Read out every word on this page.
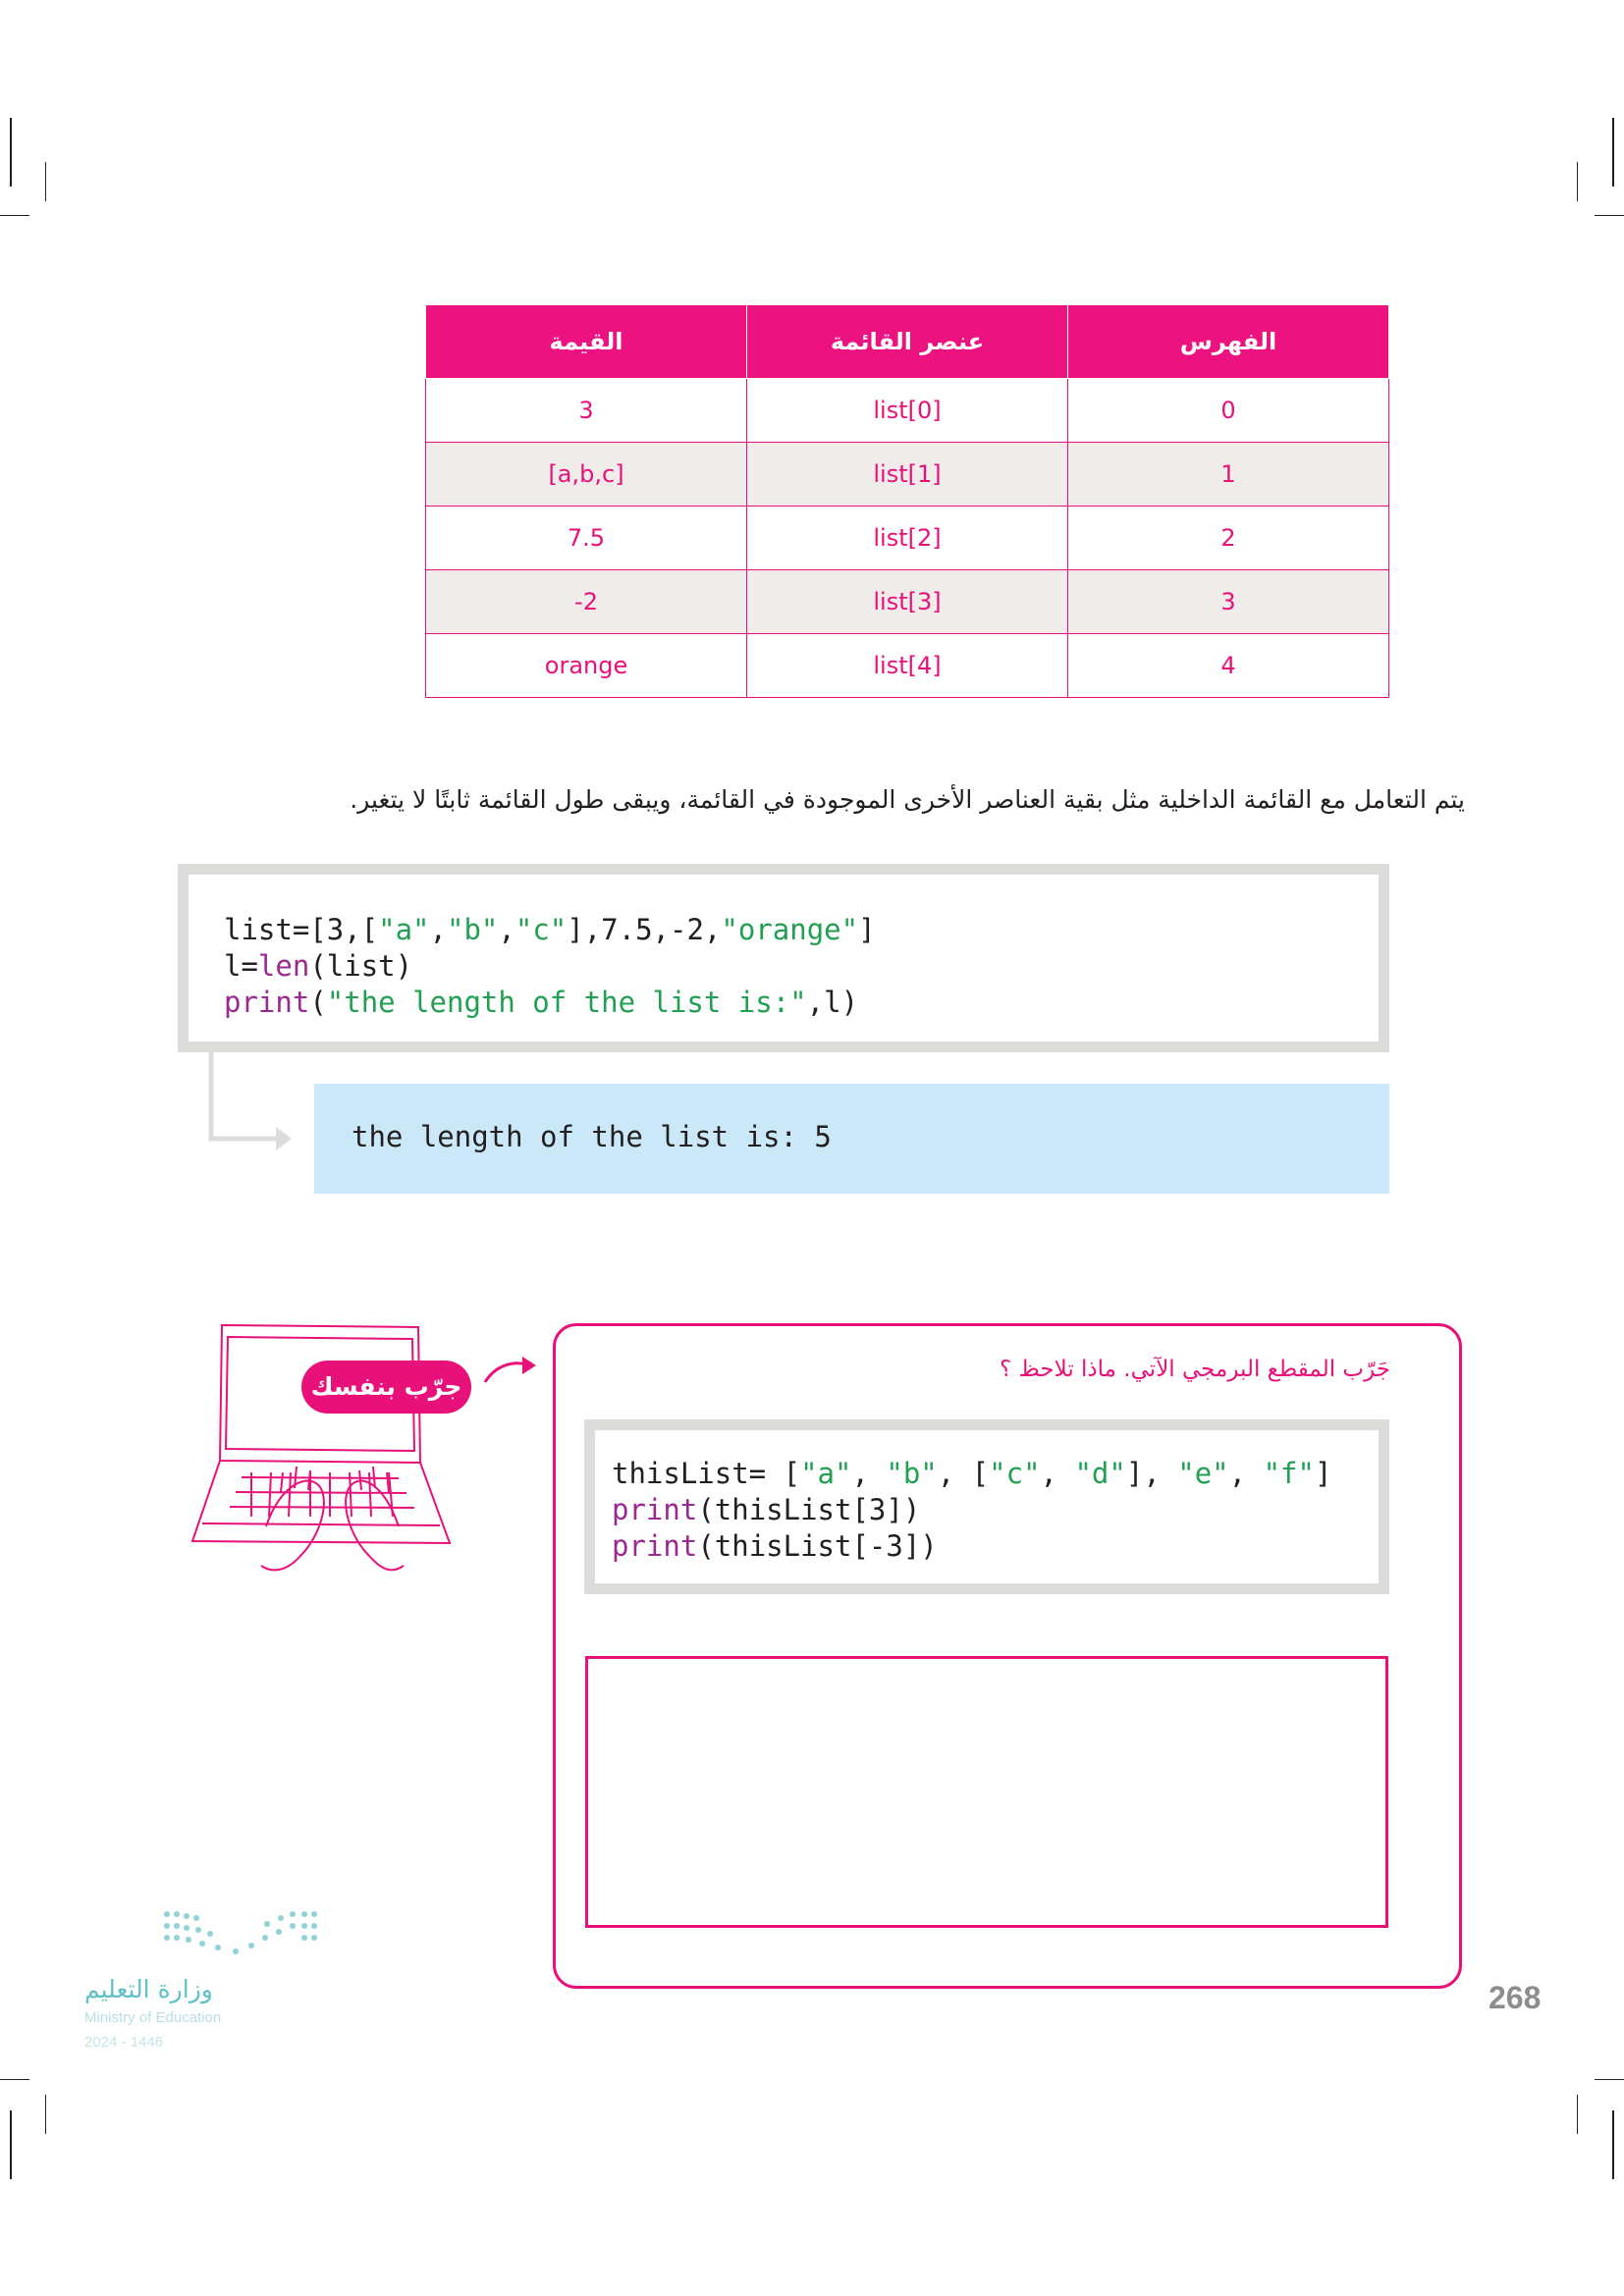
القيمة	عنصر القائمة	الفهرس
3	list[0]	0
[a,b,c]	list[1]	1
7.5	list[2]	2
-2	list[3]	3
orange	list[4]	4
يتم التعامل مع القائمة الداخلية مثل بقية العناصر الأخرى الموجودة في القائمة، ويبقى طول القائمة ثابتًا لا يتغير.
list=[3,["a","b","c"],7.5,-2,"orange"]
l=len(list)
print("the length of the list is:",l)
the length of the list is: 5
جرّب بنفسك
جَرّب المقطع البرمجي الآتي. ماذا تلاحظ ؟
thisList= ["a", "b", ["c", "d"], "e", "f"]
print(thisList[3])
print(thisList[-3])
وزارة التعليم
Ministry of Education
2024 - 1446
268
